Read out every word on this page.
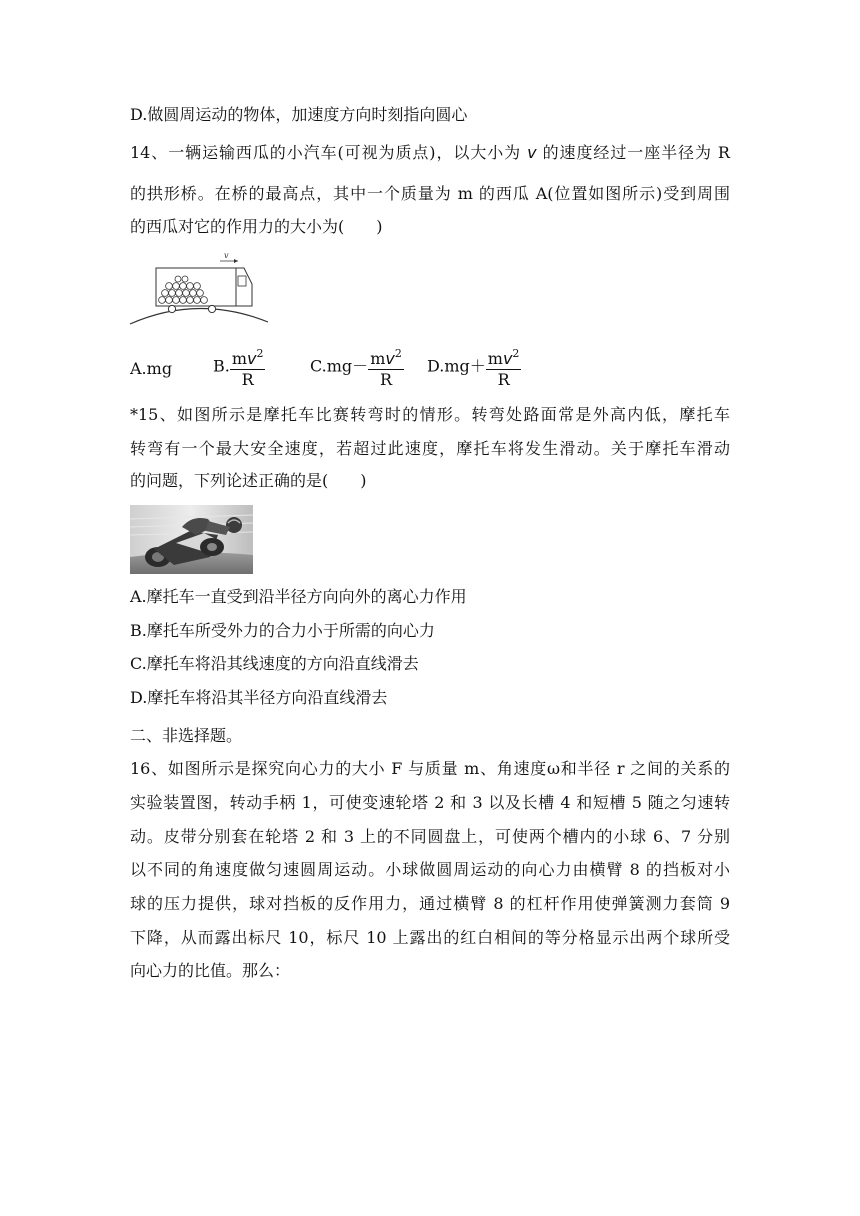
D.做圆周运动的物体，加速度方向时刻指向圆心
14、一辆运输西瓜的小汽车(可视为质点)，以大小为 v 的速度经过一座半径为 R
的拱形桥。在桥的最高点，其中一个质量为 m 的西瓜 A(位置如图所示)受到周围
的西瓜对它的作用力的大小为(　　)
v
A.mg	B. $\frac{mv^2}{R}$	$C.mg- \frac{mv^2}{R} D.mg+ \frac{mv^2}{R}$
*15、如图所示是摩托车比赛转弯时的情形。转弯处路面常是外高内低，摩托车
转弯有一个最大安全速度，若超过此速度，摩托车将发生滑动。关于摩托车滑动
的问题，下列论述正确的是(　　)
A.摩托车一直受到沿半径方向向外的离心力作用
B.摩托车所受外力的合力小于所需的向心力
C.摩托车将沿其线速度的方向沿直线滑去
D.摩托车将沿其半径方向沿直线滑去
二、非选择题。
16、如图所示是探究向心力的大小 F 与质量 m、角速度ω和半径 r 之间的关系的
实验装置图，转动手柄 1，可使变速轮塔 2 和 3 以及长槽 4 和短槽 5 随之匀速转
动。皮带分别套在轮塔 2 和 3 上的不同圆盘上，可使两个槽内的小球 6、7 分别
以不同的角速度做匀速圆周运动。小球做圆周运动的向心力由横臂 8 的挡板对小
球的压力提供，球对挡板的反作用力，通过横臂 8 的杠杆作用使弹簧测力套筒 9
下降，从而露出标尺 10，标尺 10 上露出的红白相间的等分格显示出两个球所受
向心力的比值。那么：
